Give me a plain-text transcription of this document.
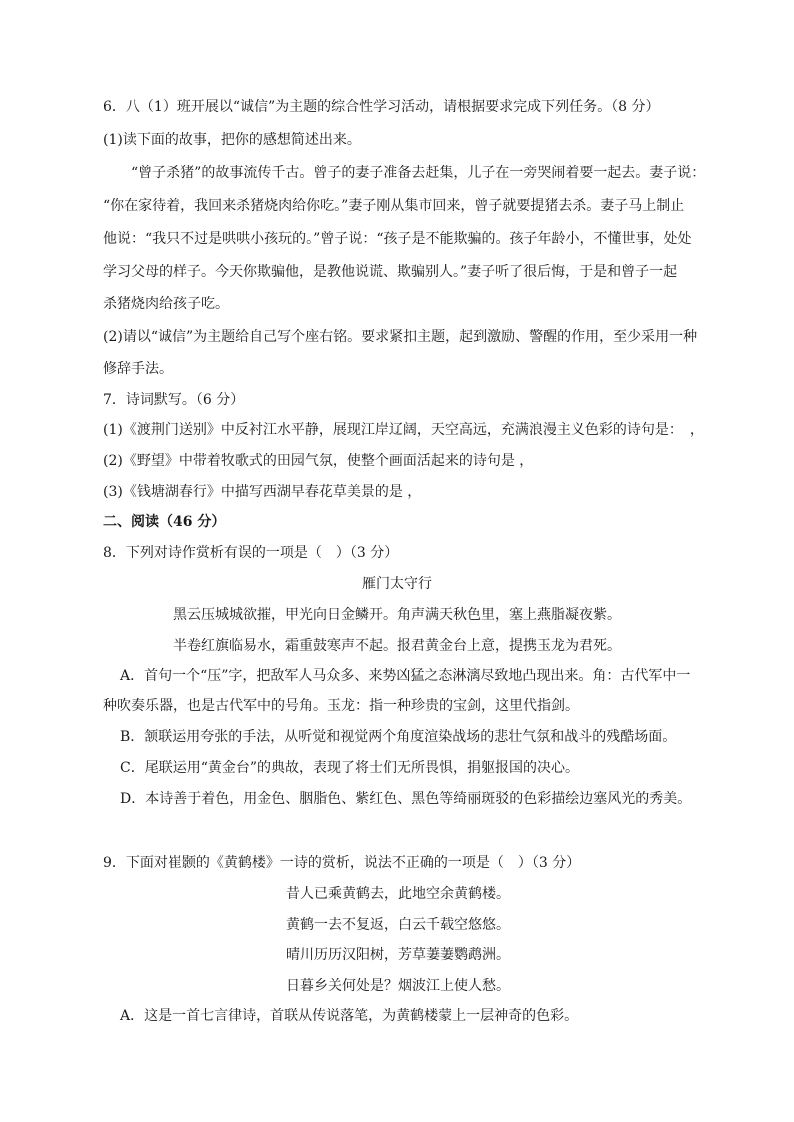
6．八（1）班开展以“诚信”为主题的综合性学习活动，请根据要求完成下列任务。（8 分）
(1)读下面的故事，把你的感想简述出来。
“曾子杀猪”的故事流传千古。曾子的妻子准备去赶集，儿子在一旁哭闹着要一起去。妻子说：
“你在家待着，我回来杀猪烧肉给你吃。”妻子刚从集市回来，曾子就要提猪去杀。妻子马上制止
他说：“我只不过是哄哄小孩玩的。”曾子说：“孩子是不能欺骗的。孩子年龄小，不懂世事，处处
学习父母的样子。今天你欺骗他，是教他说谎、欺骗别人。”妻子听了很后悔，于是和曾子一起
杀猪烧肉给孩子吃。
(2)请以“诚信”为主题给自己写个座右铭。要求紧扣主题，起到激励、警醒的作用，至少采用一种
修辞手法。
7．诗词默写。（6 分）
(1)《渡荆门送别》中反衬江水平静，展现江岸辽阔，天空高远，充满浪漫主义色彩的诗句是：　，
(2)《野望》中带着牧歌式的田园气氛，使整个画面活起来的诗句是 ，
(3)《钱塘湖春行》中描写西湖早春花草美景的是 ，
二、阅读（46 分）
8．下列对诗作赏析有误的一项是（　）（3 分）
雁门太守行
黑云压城城欲摧，甲光向日金鳞开。角声满天秋色里，塞上燕脂凝夜紫。
半卷红旗临易水，霜重鼓寒声不起。报君黄金台上意，提携玉龙为君死。
A．首句一个“压”字，把敌军人马众多、来势凶猛之态淋漓尽致地凸现出来。角：古代军中一
种吹奏乐器，也是古代军中的号角。玉龙：指一种珍贵的宝剑，这里代指剑。
B．颔联运用夸张的手法，从听觉和视觉两个角度渲染战场的悲壮气氛和战斗的残酷场面。
C．尾联运用“黄金台”的典故，表现了将士们无所畏惧，捐躯报国的决心。
D．本诗善于着色，用金色、胭脂色、紫红色、黑色等绮丽斑驳的色彩描绘边塞风光的秀美。
9．下面对崔颢的《黄鹤楼》一诗的赏析，说法不正确的一项是（　）（3 分）
昔人已乘黄鹤去，此地空余黄鹤楼。
黄鹤一去不复返，白云千载空悠悠。
晴川历历汉阳树，芳草萋萋鹦鹉洲。
日暮乡关何处是？烟波江上使人愁。
A．这是一首七言律诗，首联从传说落笔，为黄鹤楼蒙上一层神奇的色彩。
